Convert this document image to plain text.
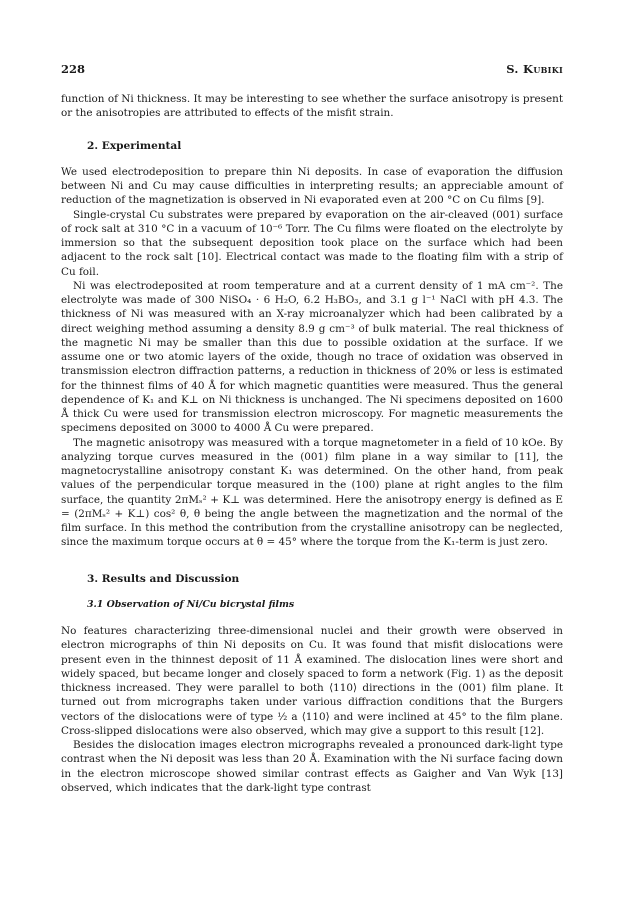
228	S. Kubiki

function of Ni thickness. It may be interesting to see whether the surface anisotropy is present or the anisotropies are attributed to effects of the misfit strain.

2. Experimental

We used electrodeposition to prepare thin Ni deposits. In case of evaporation the diffusion between Ni and Cu may cause difficulties in interpreting results; an appreciable amount of reduction of the magnetization is observed in Ni evaporated even at 200 °C on Cu films [9].

Single-crystal Cu substrates were prepared by evaporation on the air-cleaved (001) surface of rock salt at 310 °C in a vacuum of 10⁻⁶ Torr. The Cu films were floated on the electrolyte by immersion so that the subsequent deposition took place on the surface which had been adjacent to the rock salt [10]. Electrical contact was made to the floating film with a strip of Cu foil.

Ni was electrodeposited at room temperature and at a current density of 1 mA cm⁻². The electrolyte was made of 300 NiSO₄ · 6 H₂O, 6.2 H₃BO₃, and 3.1 g l⁻¹ NaCl with pH 4.3. The thickness of Ni was measured with an X-ray microanalyzer which had been calibrated by a direct weighing method assuming a density 8.9 g cm⁻³ of bulk material. The real thickness of the magnetic Ni may be smaller than this due to possible oxidation at the surface. If we assume one or two atomic layers of the oxide, though no trace of oxidation was observed in transmission electron diffraction patterns, a reduction in thickness of 20% or less is estimated for the thinnest films of 40 Å for which magnetic quantities were measured. Thus the general dependence of K₁ and K⊥ on Ni thickness is unchanged. The Ni specimens deposited on 1600 Å thick Cu were used for transmission electron microscopy. For magnetic measurements the specimens deposited on 3000 to 4000 Å Cu were prepared.

The magnetic anisotropy was measured with a torque magnetometer in a field of 10 kOe. By analyzing torque curves measured in the (001) film plane in a way similar to [11], the magnetocrystalline anisotropy constant K₁ was determined. On the other hand, from peak values of the perpendicular torque measured in the (100) plane at right angles to the film surface, the quantity 2πMₛ² + K⊥ was determined. Here the anisotropy energy is defined as E = (2πMₛ² + K⊥) cos² θ, θ being the angle between the magnetization and the normal of the film surface. In this method the contribution from the crystalline anisotropy can be neglected, since the maximum torque occurs at θ = 45° where the torque from the K₁-term is just zero.

3. Results and Discussion
3.1 Observation of Ni/Cu bicrystal films

No features characterizing three-dimensional nuclei and their growth were observed in electron micrographs of thin Ni deposits on Cu. It was found that misfit dislocations were present even in the thinnest deposit of 11 Å examined. The dislocation lines were short and widely spaced, but became longer and closely spaced to form a network (Fig. 1) as the deposit thickness increased. They were parallel to both ⟨110⟩ directions in the (001) film plane. It turned out from micrographs taken under various diffraction conditions that the Burgers vectors of the dislocations were of type ½ a ⟨110⟩ and were inclined at 45° to the film plane. Cross-slipped dislocations were also observed, which may give a support to this result [12].

Besides the dislocation images electron micrographs revealed a pronounced dark-light type contrast when the Ni deposit was less than 20 Å. Examination with the Ni surface facing down in the electron microscope showed similar contrast effects as Gaigher and Van Wyk [13] observed, which indicates that the dark-light type contrast
